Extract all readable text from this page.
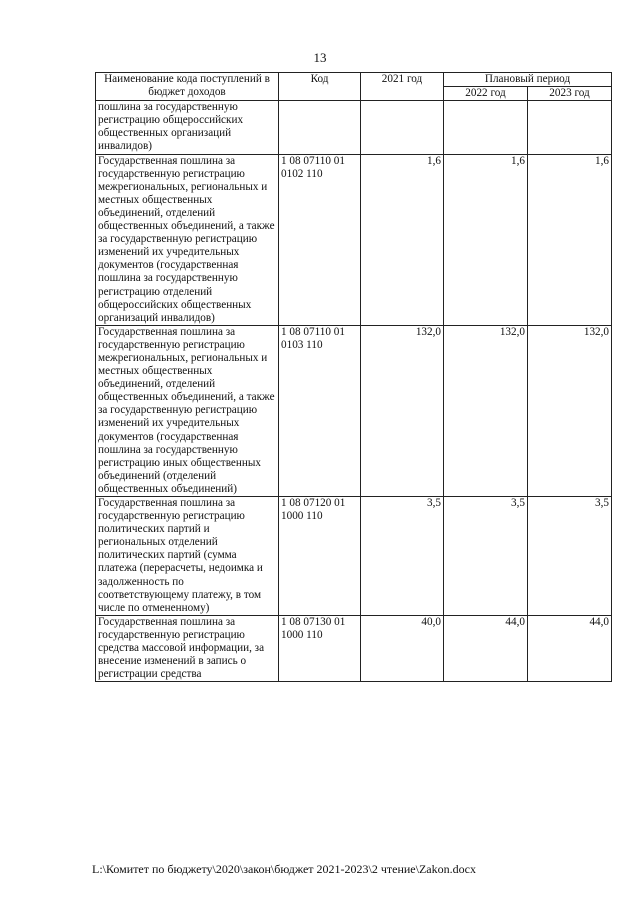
13
Наименование кода поступлений в бюджет доходов	Код	2021 год	Плановый период	
			2022 год	2023 год
пошлина за государственную регистрацию общероссийских общественных организаций инвалидов)				
Государственная пошлина за государственную регистрацию межрегиональных, региональных и местных общественных объединений, отделений общественных объединений, а также за государственную регистрацию изменений их учредительных документов (государственная пошлина за государственную регистрацию отделений общероссийских общественных организаций инвалидов)	1 08 07110 01 0102 110	1,6	1,6	1,6
Государственная пошлина за государственную регистрацию межрегиональных, региональных и местных общественных объединений, отделений общественных объединений, а также за государственную регистрацию изменений их учредительных документов (государственная пошлина за государственную регистрацию иных общественных объединений (отделений общественных объединений)	1 08 07110 01 0103 110	132,0	132,0	132,0
Государственная пошлина за государственную регистрацию политических партий и региональных отделений политических партий (сумма платежа (перерасчеты, недоимка и задолженность по соответствующему платежу, в том числе по отмененному)	1 08 07120 01 1000 110	3,5	3,5	3,5
Государственная пошлина за государственную регистрацию средства массовой информации, за внесение изменений в запись о регистрации средства	1 08 07130 01 1000 110	40,0	44,0	44,0
L:\Комитет по бюджету\2020\закон\бюджет 2021-2023\2 чтение\Zakon.docx
